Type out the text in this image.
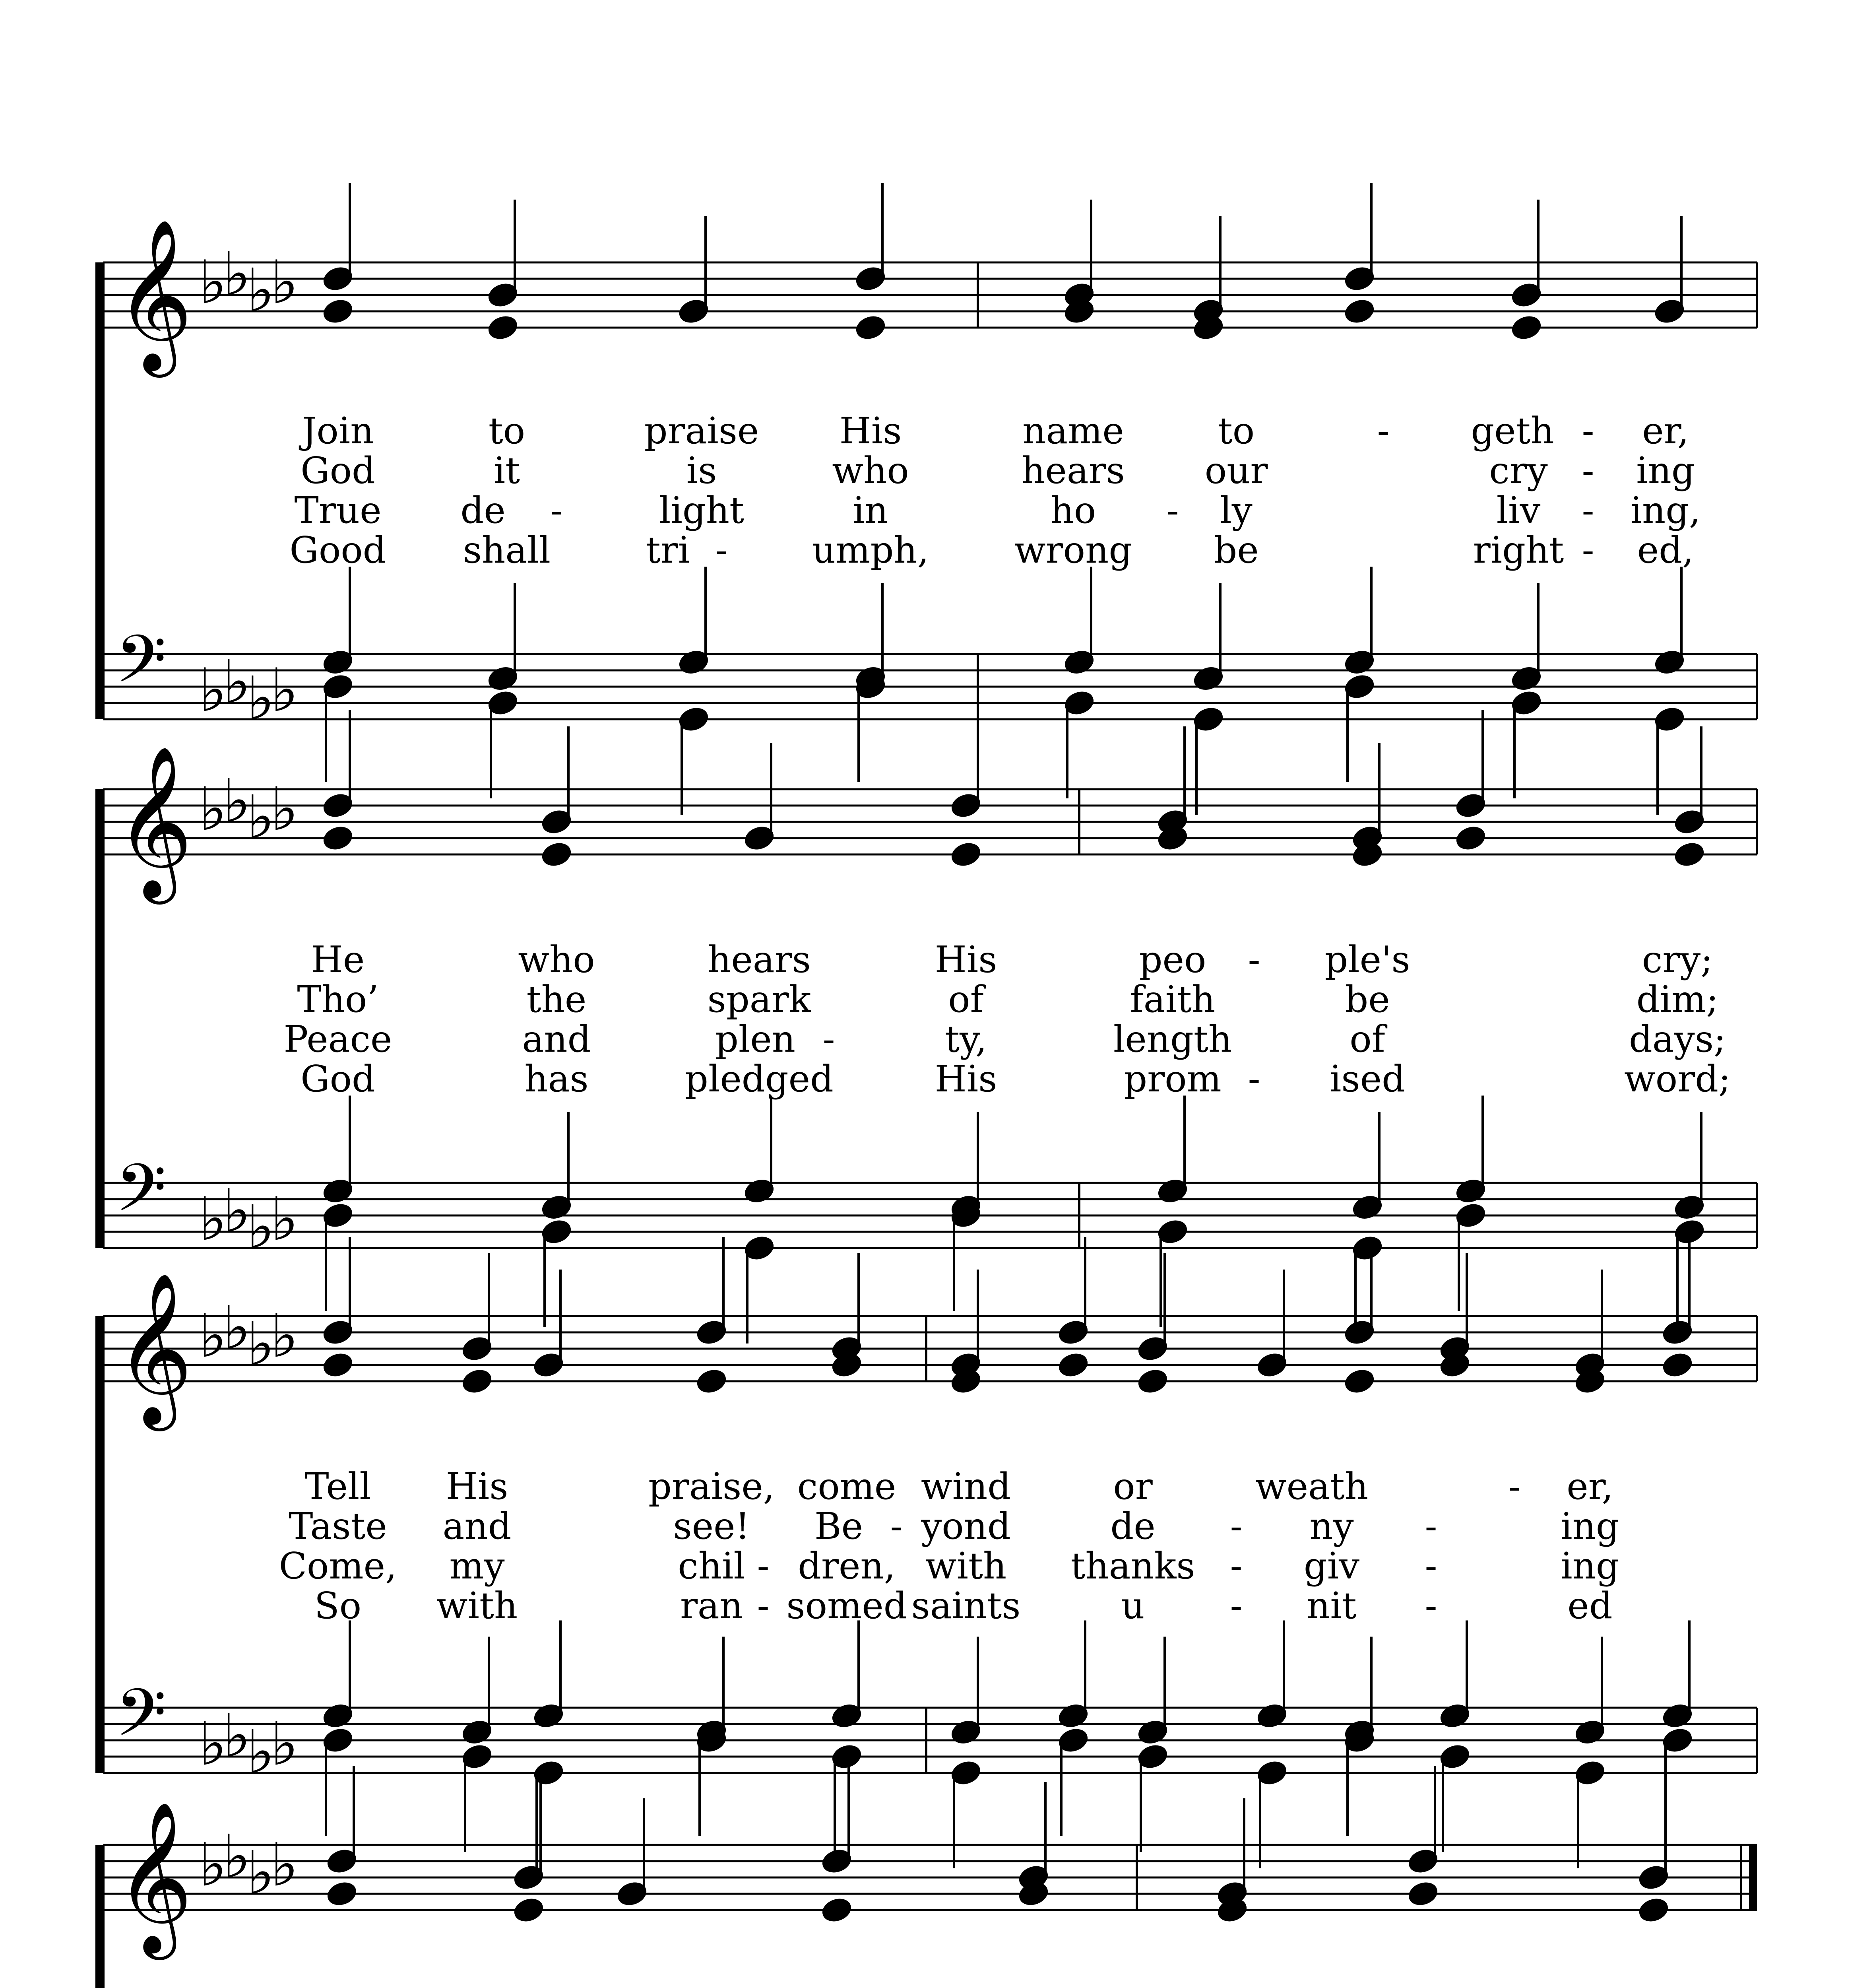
𝄞 ♭
♭
♭
♭
𝄢 ♭
♭
♭
♭
Join	to	praise His	name	to	- geth - er,
God	it	is	who	hears our	cry - ing
True de -	light	in	ho - ly	liv - ing,
Good shall	tri - umph, wrong be	right - ed,
𝄞 ♭
♭
♭
♭
𝄢 ♭
♭
♭
♭
He	who	hears	His	peo - ple's	cry;
Tho’	the	spark	of	faith	be	dim;
Peace	and	plen -	ty,	length	of	days;
God	has	pledged	His	prom - ised	word;
𝄞 ♭
♭
♭
♭
𝄢 ♭
♭
♭
♭
Tell His	praise, come wind	or	weath	- er,
Taste and	see! Be - yond	de - ny -	ing
Come, my	chil - dren, with thanks - giv -	ing
So with	ran - somed saints	u - nit -	ed
𝄞 ♭
♭
♭
♭
